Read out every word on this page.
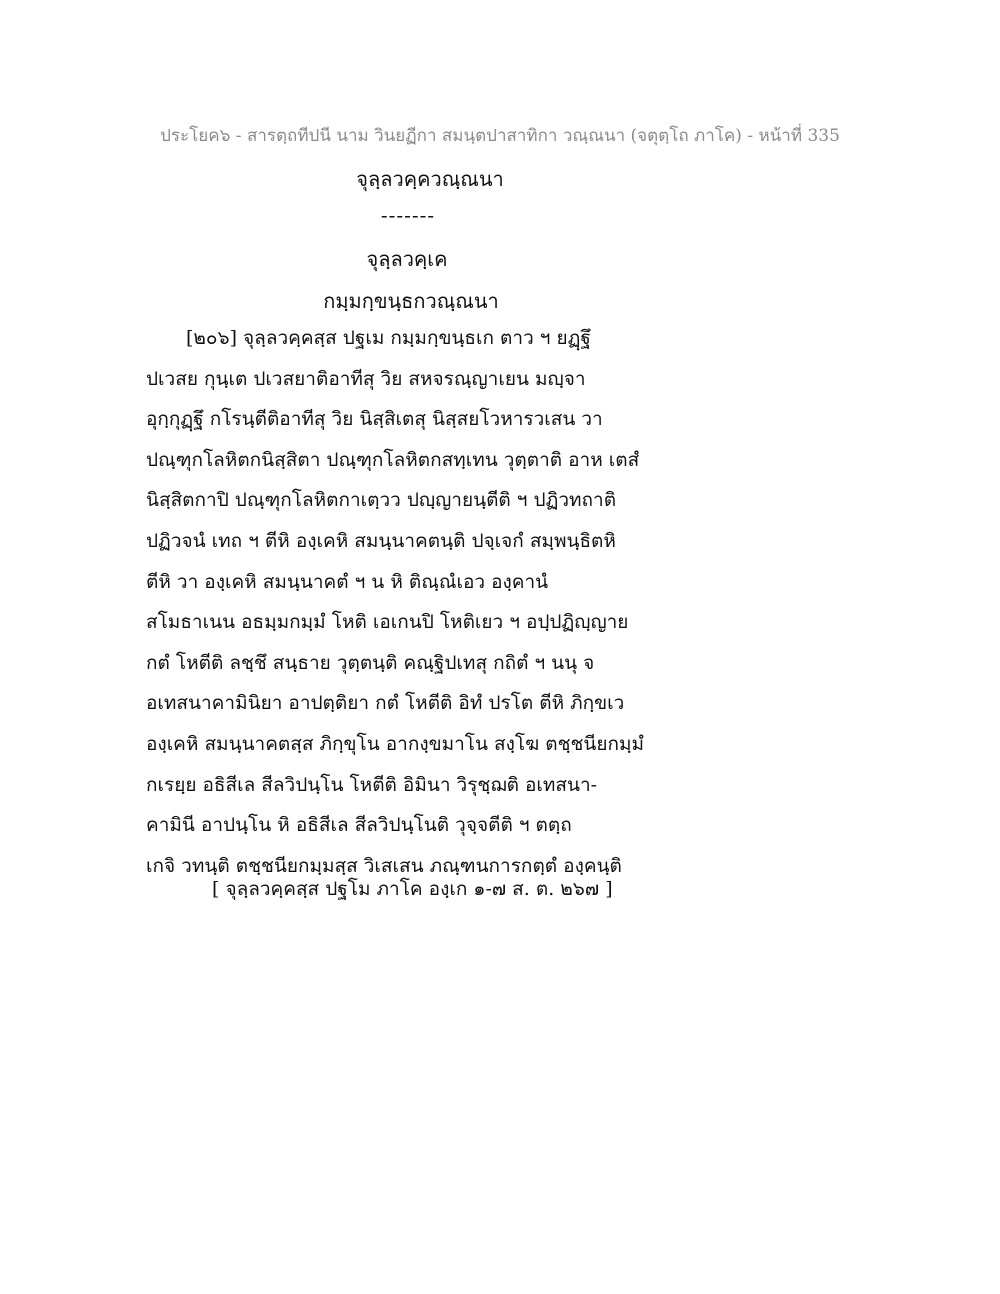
ประโยค๖ - สารตฺถทีปนี นาม วินยฏีกา สมนฺตปาสาทิกา วณฺณนา (จตุตฺโถ ภาโค) - หน้าที่ 335
จุลฺลวคฺควณฺณนา
-------
จุลฺลวคฺเค
กมฺมกฺขนฺธกวณฺณนา
[๒๐๖] จุลฺลวคฺคสฺส ปฐเม กมฺมกฺขนฺธเก ตาว ฯ ยฏฺฐึ
ปเวสย กุนฺเต ปเวสยาติอาทีสุ วิย สหจรณฺญาเยน มญฺจา
อุกฺกุฏฺฐึ กโรนฺตีติอาทีสุ วิย นิสฺสิเตสุ นิสฺสยโวหารวเสน วา
ปณฺฑุกโลหิตกนิสฺสิตา ปณฺฑุกโลหิตกสทฺเทน วุตฺตาติ อาห เตสํ
นิสฺสิตกาปิ ปณฺฑุกโลหิตกาเตฺวว ปญฺญายนฺตีติ ฯ ปฏิวทถาติ
ปฏิวจนํ เทถ ฯ ตีหิ องฺเคหิ สมนฺนาคตนฺติ ปจฺเจกํ สมฺพนฺธิตหิ
ตีหิ วา องฺเคหิ สมนฺนาคตํ ฯ น หิ ติณฺณํเอว องฺคานํ
สโมธาเนน อธมฺมกมฺมํ โหติ เอเกนปิ โหติเยว ฯ อปฺปฏิญฺญาย
กตํ โหตีติ ลชฺชึ สนฺธาย วุตฺตนฺติ คณฺฐิปเทสุ กถิตํ ฯ นนุ จ
อเทสนาคามินิยา อาปตฺติยา กตํ โหตีติ อิทํ ปรโต ตีหิ ภิกฺขเว
องฺเคหิ สมนฺนาคตสฺส ภิกฺขุโน อากงฺขมาโน สงฺโฆ ตชฺชนียกมฺมํ
กเรยฺย อธิสีเล สีลวิปนฺโน โหตีติ อิมินา วิรุชฺฌติ อเทสนา-
คามินี อาปนฺโน หิ อธิสีเล สีลวิปนฺโนติ วุจฺจตีติ ฯ ตตฺถ
เกจิ วทนฺติ ตชฺชนียกมฺมสฺส วิเสเสน ภณฺฑนการกตฺตํ องฺคนฺติ
[ จุลฺลวคฺคสฺส ปฐโม ภาโค องฺเก ๑-๗ ส. ต. ๒๖๗ ]
